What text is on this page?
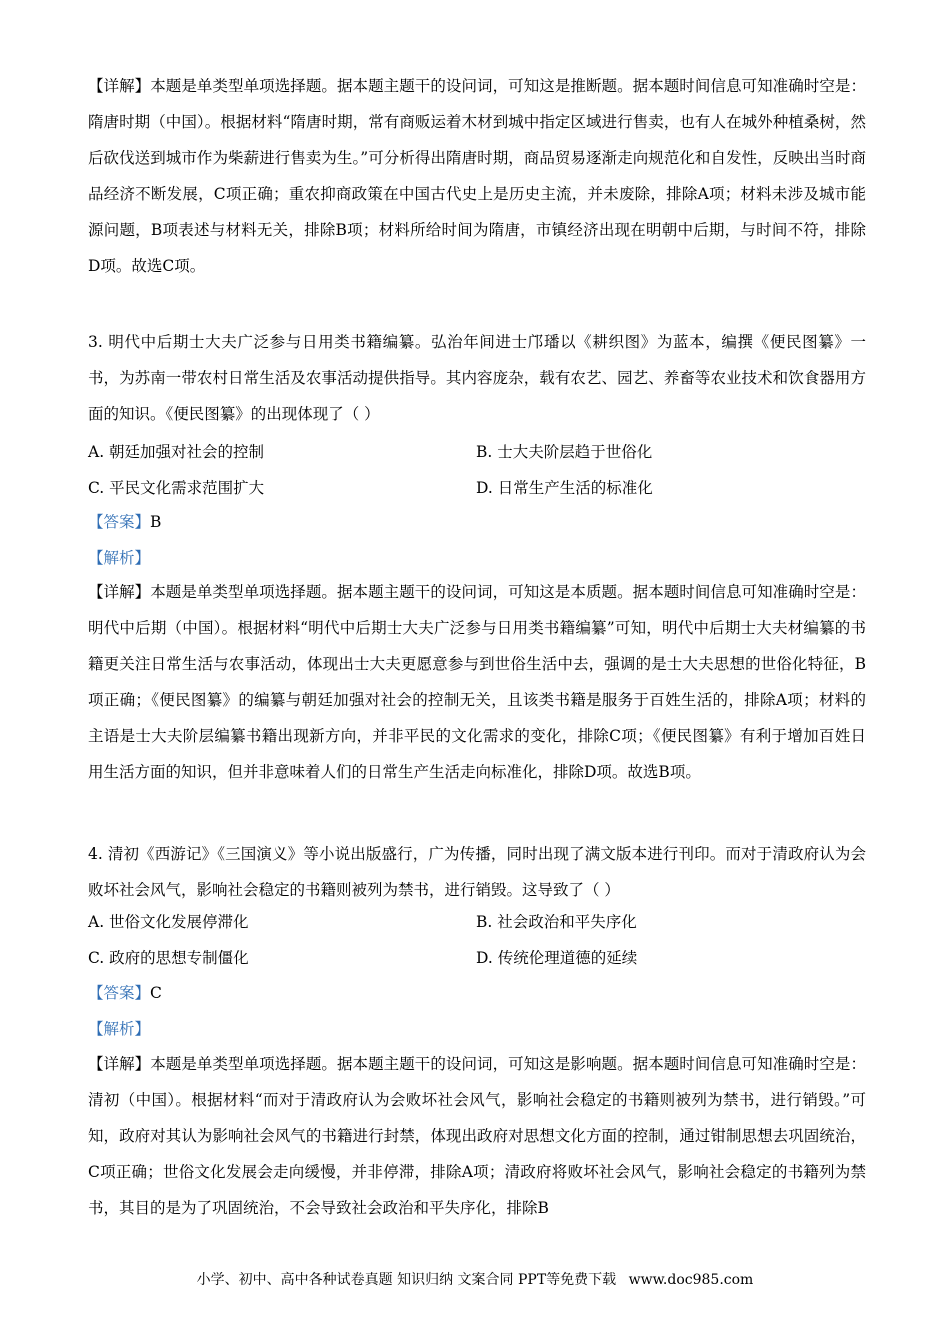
【详解】本题是单类型单项选择题。据本题主题干的设问词，可知这是推断题。据本题时间信息可知准确时空是：隋唐时期（中国）。根据材料“隋唐时期，常有商贩运着木材到城中指定区域进行售卖，也有人在城外种植桑树，然后砍伐送到城市作为柴薪进行售卖为生。”可分析得出隋唐时期，商品贸易逐渐走向规范化和自发性，反映出当时商品经济不断发展，C项正确；重农抑商政策在中国古代史上是历史主流，并未废除，排除A项；材料未涉及城市能源问题，B项表述与材料无关，排除B项；材料所给时间为隋唐，市镇经济出现在明朝中后期，与时间不符，排除D项。故选C项。
3. 明代中后期士大夫广泛参与日用类书籍编纂。弘治年间进士邝璠以《耕织图》为蓝本，编撰《便民图纂》一书，为苏南一带农村日常生活及农事活动提供指导。其内容庞杂，载有农艺、园艺、养畜等农业技术和饮食器用方面的知识。《便民图纂》的出现体现了（ ）
A. 朝廷加强对社会的控制	B. 士大夫阶层趋于世俗化
C. 平民文化需求范围扩大	D. 日常生产生活的标准化
【答案】B
【解析】
【详解】本题是单类型单项选择题。据本题主题干的设问词，可知这是本质题。据本题时间信息可知准确时空是：明代中后期（中国）。根据材料“明代中后期士大夫广泛参与日用类书籍编纂”可知，明代中后期士大夫材编纂的书籍更关注日常生活与农事活动，体现出士大夫更愿意参与到世俗生活中去，强调的是士大夫思想的世俗化特征，B项正确；《便民图纂》的编纂与朝廷加强对社会的控制无关，且该类书籍是服务于百姓生活的，排除A项；材料的主语是士大夫阶层编纂书籍出现新方向，并非平民的文化需求的变化，排除C项；《便民图纂》有利于增加百姓日用生活方面的知识，但并非意味着人们的日常生产生活走向标准化，排除D项。故选B项。
4. 清初《西游记》《三国演义》等小说出版盛行，广为传播，同时出现了满文版本进行刊印。而对于清政府认为会败坏社会风气，影响社会稳定的书籍则被列为禁书，进行销毁。这导致了（ ）
A. 世俗文化发展停滞化	B. 社会政治和平失序化
C. 政府的思想专制僵化	D. 传统伦理道德的延续
【答案】C
【解析】
【详解】本题是单类型单项选择题。据本题主题干的设问词，可知这是影响题。据本题时间信息可知准确时空是：清初（中国）。根据材料“而对于清政府认为会败坏社会风气，影响社会稳定的书籍则被列为禁书，进行销毁。”可知，政府对其认为影响社会风气的书籍进行封禁，体现出政府对思想文化方面的控制，通过钳制思想去巩固统治，C项正确；世俗文化发展会走向缓慢，并非停滞，排除A项；清政府将败坏社会风气，影响社会稳定的书籍列为禁书，其目的是为了巩固统治，不会导致社会政治和平失序化，排除B
小学、初中、高中各种试卷真题 知识归纳 文案合同 PPT等免费下载 www.doc985.com
